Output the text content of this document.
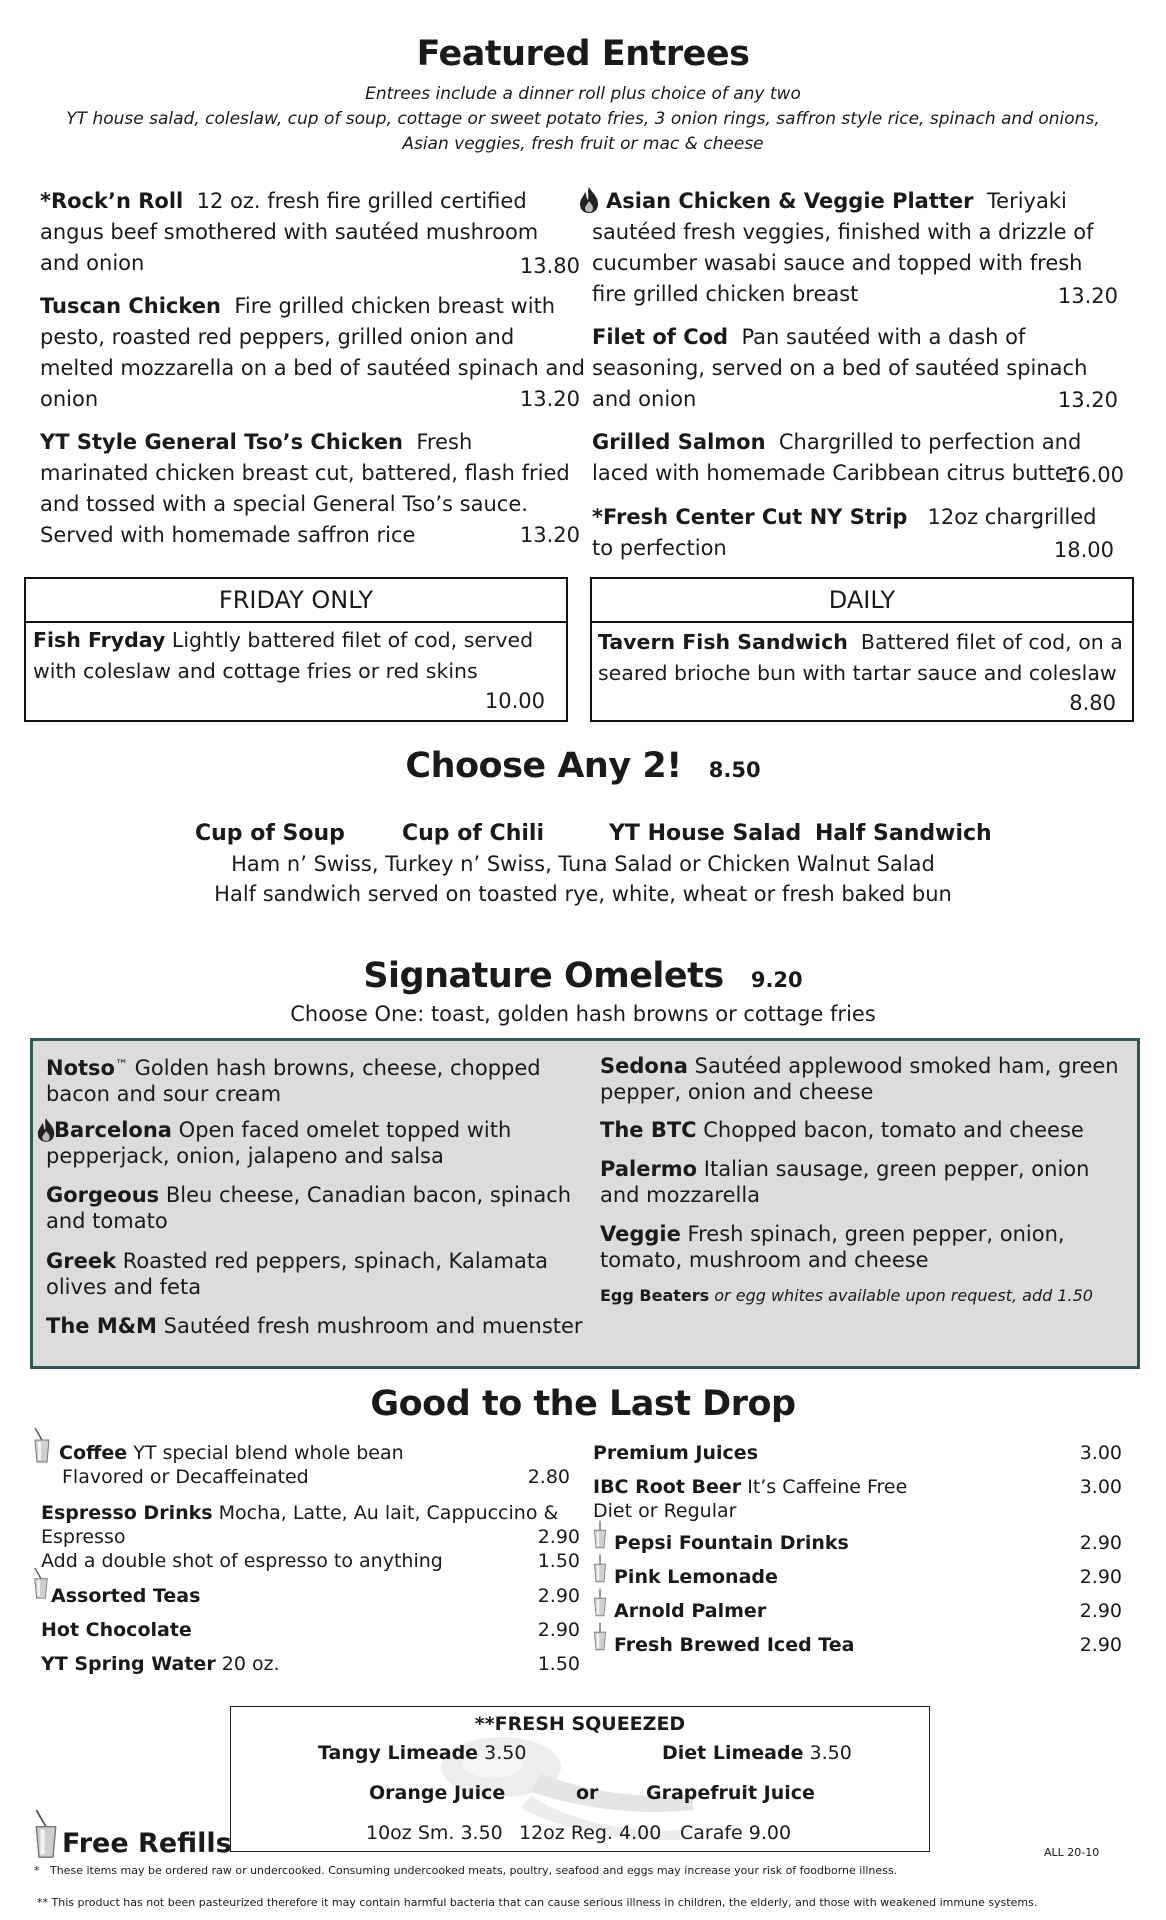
Featured Entrees
Entrees include a dinner roll plus choice of any two
YT house salad, coleslaw, cup of soup, cottage or sweet potato fries, 3 onion rings, saffron style rice, spinach and onions,
Asian veggies, fresh fruit or mac & cheese
*Rock’n Roll 12 oz. fresh fire grilled certified angus beef smothered with sautéed mushroom and onion	13.80
Tuscan Chicken Fire grilled chicken breast with pesto, roasted red peppers, grilled onion and melted mozzarella on a bed of sautéed spinach and onion	13.20
YT Style General Tso’s Chicken Fresh marinated chicken breast cut, battered, flash fried and tossed with a special General Tso’s sauce. Served with homemade saffron rice	13.20
Asian Chicken & Veggie Platter Teriyaki sautéed fresh veggies, finished with a drizzle of cucumber wasabi sauce and topped with fresh fire grilled chicken breast	13.20
Filet of Cod Pan sautéed with a dash of seasoning, served on a bed of sautéed spinach and onion	13.20
Grilled Salmon Chargrilled to perfection and laced with homemade Caribbean citrus butter
16.00
*Fresh Center Cut NY Strip 12oz chargrilled to perfection	18.00
FRIDAY ONLY
Fish Fryday Lightly battered filet of cod, served with coleslaw and cottage fries or red skins
10.00
DAILY
Tavern Fish Sandwich Battered filet of cod, on a seared brioche bun with tartar sauce and coleslaw
8.80
Choose Any 2! 8.50
Cup of Soup	Cup of Chili	YT House Salad Half Sandwich
Ham n’ Swiss, Turkey n’ Swiss, Tuna Salad or Chicken Walnut Salad
Half sandwich served on toasted rye, white, wheat or fresh baked bun
Signature Omelets 9.20
Choose One: toast, golden hash browns or cottage fries
Notso™ Golden hash browns, cheese, chopped bacon and sour cream
Barcelona Open faced omelet topped with pepperjack, onion, jalapeno and salsa
Gorgeous Bleu cheese, Canadian bacon, spinach and tomato
Greek Roasted red peppers, spinach, Kalamata olives and feta
The M&M Sautéed fresh mushroom and muenster
Sedona Sautéed applewood smoked ham, green pepper, onion and cheese
The BTC Chopped bacon, tomato and cheese
Palermo Italian sausage, green pepper, onion and mozzarella
Veggie Fresh spinach, green pepper, onion, tomato, mushroom and cheese
Egg Beaters or egg whites available upon request, add 1.50
Good to the Last Drop
Coffee YT special blend whole bean
Flavored or Decaffeinated	2.80
Espresso Drinks Mocha, Latte, Au lait, Cappuccino &
Espresso	2.90
Add a double shot of espresso to anything	1.50
Assorted Teas	2.90
Hot Chocolate	2.90
YT Spring Water 20 oz.	1.50
Premium Juices	3.00
IBC Root Beer It’s Caffeine Free	3.00
Diet or Regular
Pepsi Fountain Drinks	2.90
Pink Lemonade	2.90
Arnold Palmer	2.90
Fresh Brewed Iced Tea	2.90
**FRESH SQUEEZED
Tangy Limeade 3.50	Diet Limeade 3.50
Orange Juice	or	Grapefruit Juice
10oz Sm. 3.50 12oz Reg. 4.00 Carafe 9.00
Free Refills	ALL 20-10
* These items may be ordered raw or undercooked. Consuming undercooked meats, poultry, seafood and eggs may increase your risk of foodborne illness.
** This product has not been pasteurized therefore it may contain harmful bacteria that can cause serious illness in children, the elderly, and those with weakened immune systems.
